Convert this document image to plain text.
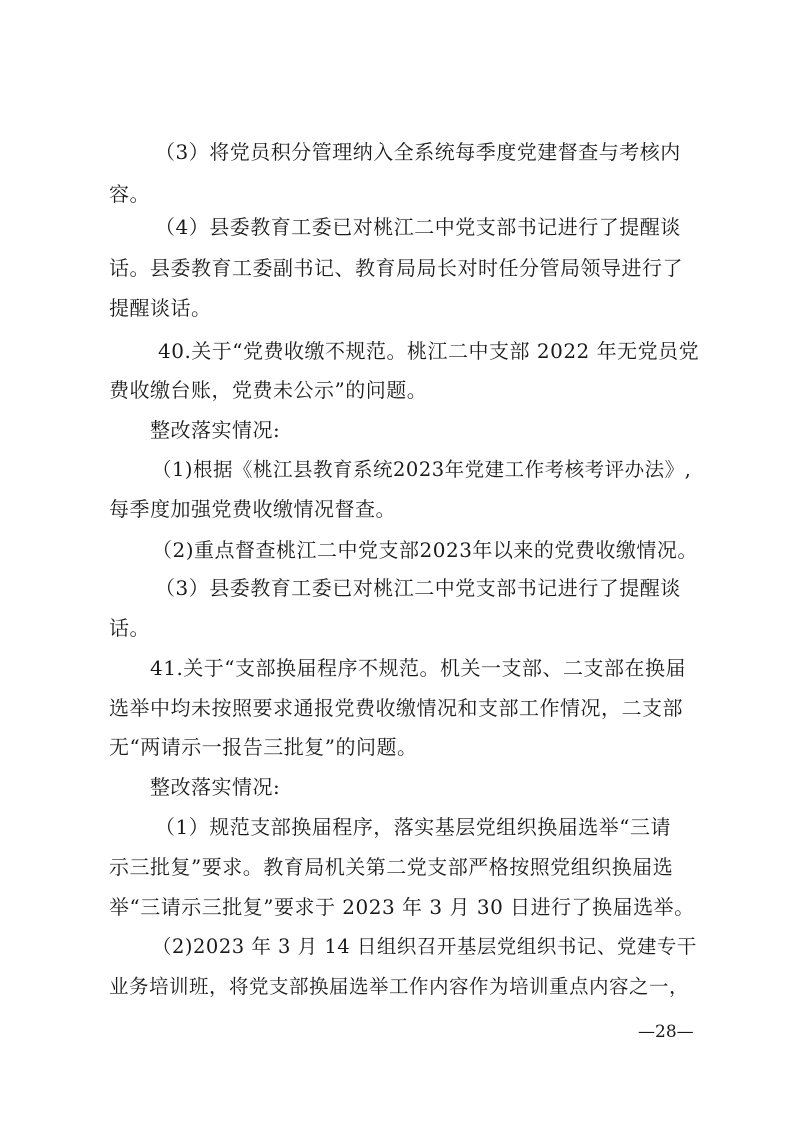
（3）将党员积分管理纳入全系统每季度党建督查与考核内
容。
（4）县委教育工委已对桃江二中党支部书记进行了提醒谈
话。县委教育工委副书记、教育局局长对时任分管局领导进行了
提醒谈话。
40.关于“党费收缴不规范。桃江二中支部 2022 年无党员党
费收缴台账，党费未公示”的问题。
整改落实情况:
（1)根据《桃江县教育系统2023年党建工作考核考评办法》,
每季度加强党费收缴情况督查。
（2)重点督查桃江二中党支部2023年以来的党费收缴情况。
（3）县委教育工委已对桃江二中党支部书记进行了提醒谈
话。
41.关于“支部换届程序不规范。机关一支部、二支部在换届
选举中均未按照要求通报党费收缴情况和支部工作情况，二支部
无“两请示一报告三批复”的问题。
整改落实情况:
（1）规范支部换届程序，落实基层党组织换届选举“三请
示三批复”要求。教育局机关第二党支部严格按照党组织换届选
举“三请示三批复”要求于 2023 年 3 月 30 日进行了换届选举。
（2)2023 年 3 月 14 日组织召开基层党组织书记、党建专干
业务培训班，将党支部换届选举工作内容作为培训重点内容之一，
—28—
